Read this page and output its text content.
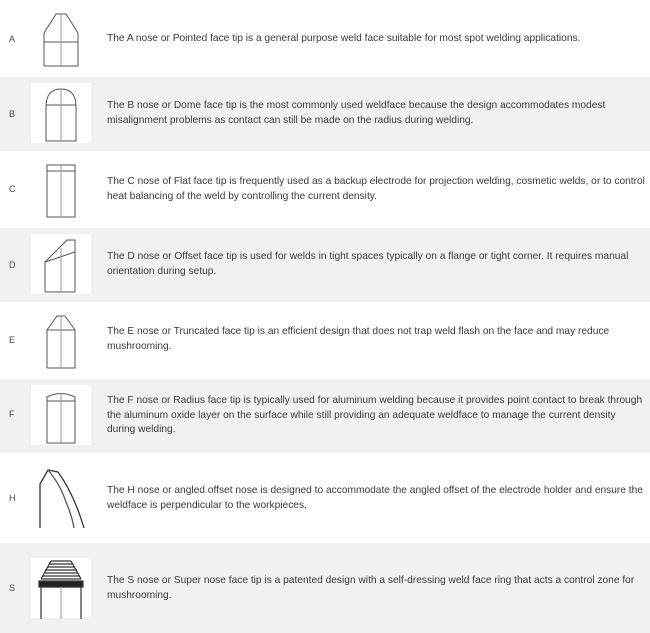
A	The A nose or Pointed face tip is a general purpose weld face suitable for most spot welding applications.
B
The B nose or Dome face tip is the most commonly used weldface because the design accommodates modest misalignment problems as contact can still be made on the radius during welding.
C
The C nose of Flat face tip is frequently used as a backup electrode for projection welding, cosmetic welds, or to control heat balancing of the weld by controlling the current density.
D
The D nose or Offset face tip is used for welds in tight spaces typically on a flange or tight corner. It requires manual orientation during setup.
E
The E nose or Truncated face tip is an efficient design that does not trap weld flash on the face and may reduce mushrooming.
F
The F nose or Radius face tip is typically used for aluminum welding because it provides point contact to break through the aluminum oxide layer on the surface while still providing an adequate weldface to manage the current density during welding.
H
The H nose or angled offset nose is designed to accommodate the angled offset of the electrode holder and ensure the weldface is perpendicular to the workpieces.
S
The S nose or Super nose face tip is a patented design with a self-dressing weld face ring that acts a control zone for mushrooming.
